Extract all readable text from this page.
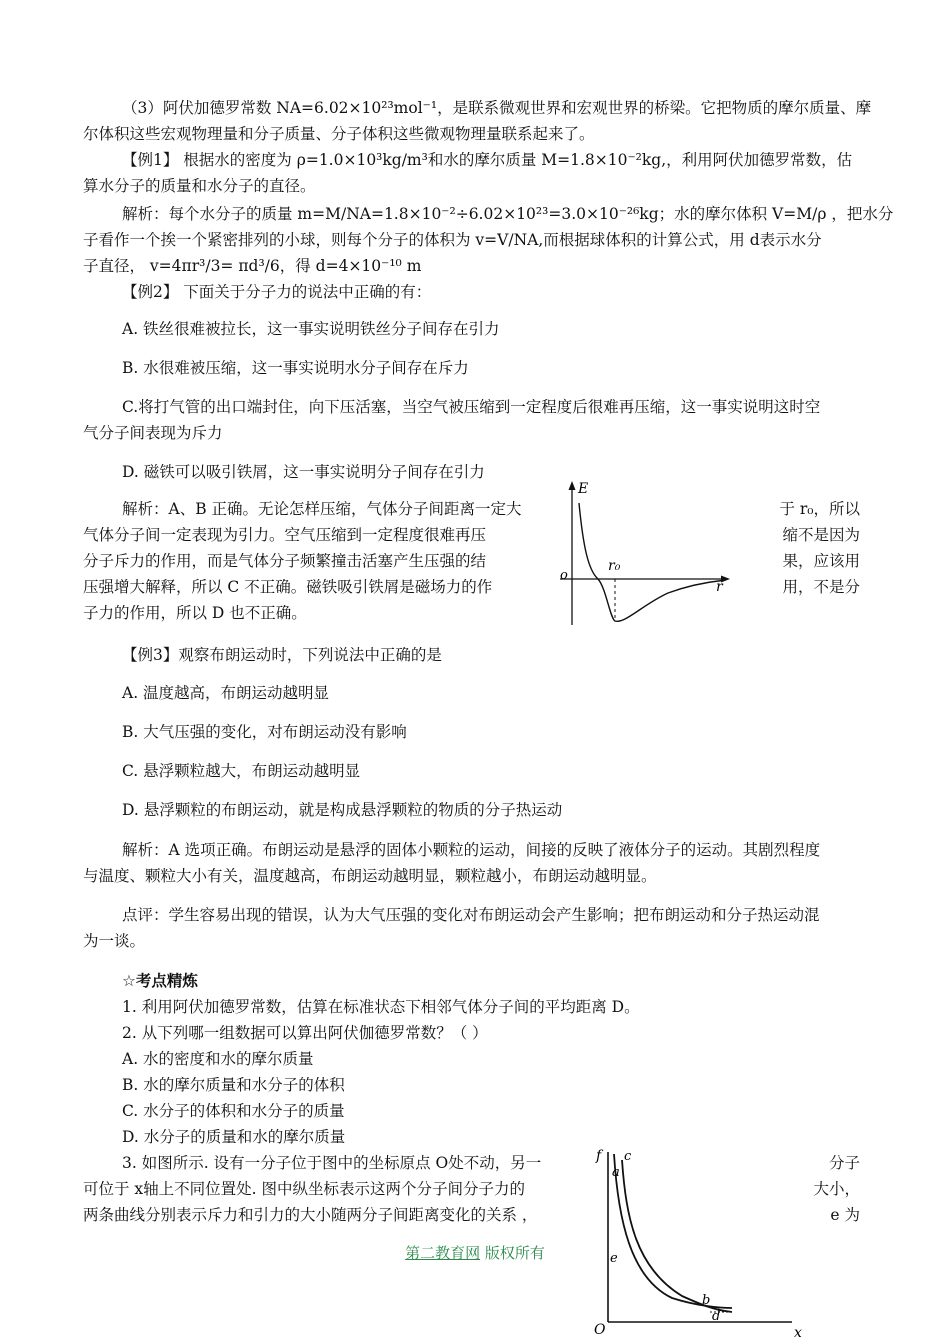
（3）阿伏加德罗常数 NA=6.02×10²³mol⁻¹，是联系微观世界和宏观世界的桥梁。它把物质的摩尔质量、摩
尔体积这些宏观物理量和分子质量、分子体积这些微观物理量联系起来了。
【例1】 根据水的密度为 ρ=1.0×10³kg/m³和水的摩尔质量 M=1.8×10⁻²kg,，利用阿伏加德罗常数，估
算水分子的质量和水分子的直径。
解析：每个水分子的质量 m=M/NA=1.8×10⁻²÷6.02×10²³=3.0×10⁻²⁶kg；水的摩尔体积 V=M/ρ ，把水分
子看作一个挨一个紧密排列的小球，则每个分子的体积为 v=V/NA,而根据球体积的计算公式，用 d表示水分
子直径， v=4πr³/3= πd³/6，得 d=4×10⁻¹⁰ m
【例2】 下面关于分子力的说法中正确的有：
A. 铁丝很难被拉长，这一事实说明铁丝分子间存在引力
B. 水很难被压缩，这一事实说明水分子间存在斥力
C.将打气管的出口端封住，向下压活塞，当空气被压缩到一定程度后很难再压缩，这一事实说明这时空
气分子间表现为斥力
D. 磁铁可以吸引铁屑，这一事实说明分子间存在引力
解析：A、B 正确。无论怎样压缩，气体分子间距离一定大	于 r₀，所以
气体分子间一定表现为引力。空气压缩到一定程度很难再压	缩不是因为
分子斥力的作用，而是气体分子频繁撞击活塞产生压强的结	果，应该用
压强增大解释，所以 C 不正确。磁铁吸引铁屑是磁场力的作	用，不是分
子力的作用，所以 D 也不正确。
E
r
o
r₀
【例3】观察布朗运动时，下列说法中正确的是
A. 温度越高，布朗运动越明显
B. 大气压强的变化，对布朗运动没有影响
C. 悬浮颗粒越大，布朗运动越明显
D. 悬浮颗粒的布朗运动，就是构成悬浮颗粒的物质的分子热运动
解析：A 选项正确。布朗运动是悬浮的固体小颗粒的运动，间接的反映了液体分子的运动。其剧烈程度
与温度、颗粒大小有关，温度越高，布朗运动越明显，颗粒越小，布朗运动越明显。
点评：学生容易出现的错误，认为大气压强的变化对布朗运动会产生影响；把布朗运动和分子热运动混
为一谈。
☆考点精炼
1. 利用阿伏加德罗常数，估算在标准状态下相邻气体分子间的平均距离 D。
2. 从下列哪一组数据可以算出阿伏伽德罗常数？（ ）
A. 水的密度和水的摩尔质量
B. 水的摩尔质量和水分子的体积
C. 水分子的体积和水分子的质量
D. 水分子的质量和水的摩尔质量
3. 如图所示. 设有一分子位于图中的坐标原点 O处不动，另一	分子
可位于 x轴上不同位置处. 图中纵坐标表示这两个分子间分子力的	大小，
两条曲线分别表示斥力和引力的大小随两分子间距离变化的关系 ，	e 为
f
x
O
c
a
e
b
d
第二教育网 版权所有
